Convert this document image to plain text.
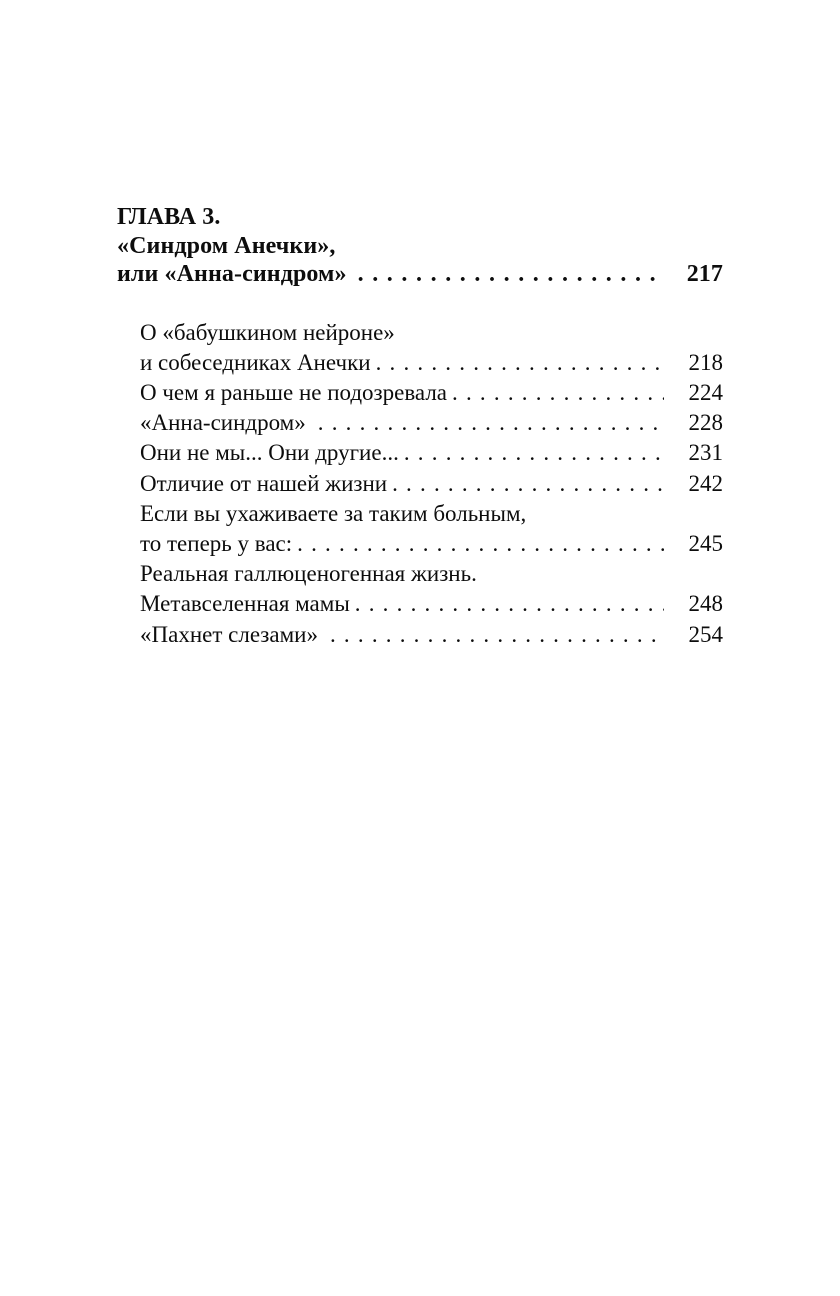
ГЛАВА 3.
«Синдром Анечки»,
или «Анна-синдром» .....	217
О «бабушкином нейроне»
и собеседниках Анечки .....	218
О чем я раньше не подозревала .....	224
«Анна-синдром» .....	228
Они не мы... Они другие... .....	231
Отличие от нашей жизни .....	242
Если вы ухаживаете за таким больным,
то теперь у вас: .....	245
Реальная галлюценогенная жизнь.
Метавселенная мамы .....	248
«Пахнет слезами» .....	254
